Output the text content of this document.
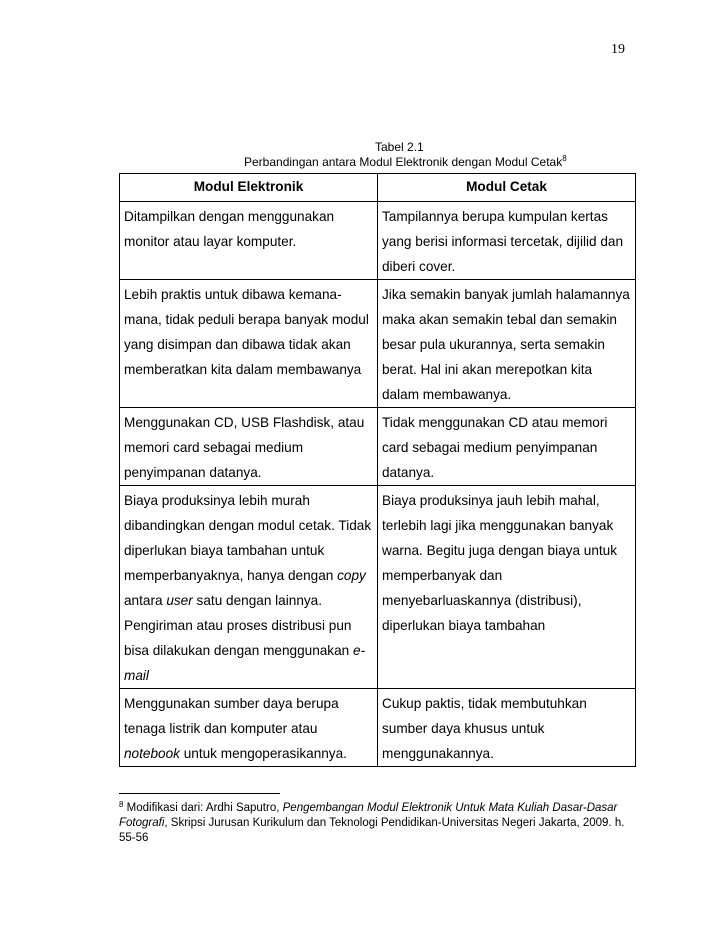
19
Tabel 2.1
Perbandingan antara Modul Elektronik dengan Modul Cetak$^8$
Modul Elektronik	Modul Cetak
Ditampilkan dengan menggunakan monitor atau layar komputer.	Tampilannya berupa kumpulan kertas yang berisi informasi tercetak, dijilid dan diberi cover.
Lebih praktis untuk dibawa kemana-mana, tidak peduli berapa banyak modul yang disimpan dan dibawa tidak akan memberatkan kita dalam membawanya	Jika semakin banyak jumlah halamannya maka akan semakin tebal dan semakin besar pula ukurannya, serta semakin berat. Hal ini akan merepotkan kita dalam membawanya.
Menggunakan CD, USB Flashdisk, atau memori card sebagai medium penyimpanan datanya.	Tidak menggunakan CD atau memori card sebagai medium penyimpanan datanya.
Biaya produksinya lebih murah dibandingkan dengan modul cetak. Tidak diperlukan biaya tambahan untuk memperbanyaknya, hanya dengan copy antara user satu dengan lainnya. Pengiriman atau proses distribusi pun bisa dilakukan dengan menggunakan e-mail	Biaya produksinya jauh lebih mahal, terlebih lagi jika menggunakan banyak warna. Begitu juga dengan biaya untuk memperbanyak dan menyebarluaskannya (distribusi), diperlukan biaya tambahan
Menggunakan sumber daya berupa tenaga listrik dan komputer atau notebook untuk mengoperasikannya.	Cukup paktis, tidak membutuhkan sumber daya khusus untuk menggunakannya.
$^8$ Modifikasi dari: Ardhi Saputro, Pengembangan Modul Elektronik Untuk Mata Kuliah Dasar-Dasar Fotografi, Skripsi Jurusan Kurikulum dan Teknologi Pendidikan-Universitas Negeri Jakarta, 2009. h. 55-56
